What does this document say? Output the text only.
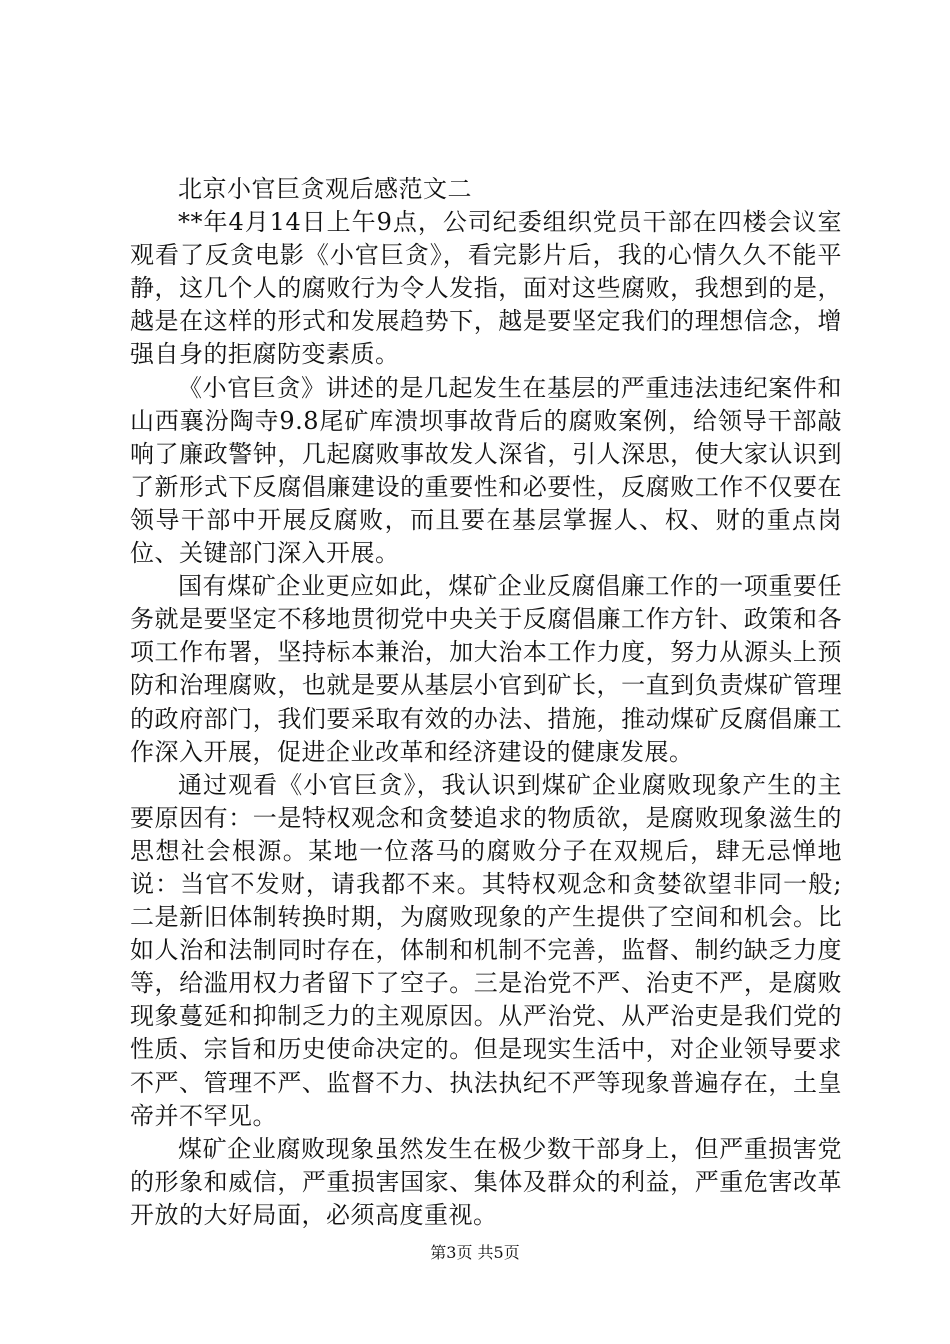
北京小官巨贪观后感范文二

**年4月14日上午9点，公司纪委组织党员干部在四楼会议室观看了反贪电影《小官巨贪》，看完影片后，我的心情久久不能平静，这几个人的腐败行为令人发指，面对这些腐败，我想到的是，越是在这样的形式和发展趋势下，越是要坚定我们的理想信念，增强自身的拒腐防变素质。

《小官巨贪》讲述的是几起发生在基层的严重违法违纪案件和山西襄汾陶寺9.8尾矿库溃坝事故背后的腐败案例，给领导干部敲响了廉政警钟，几起腐败事故发人深省，引人深思，使大家认识到了新形式下反腐倡廉建设的重要性和必要性，反腐败工作不仅要在领导干部中开展反腐败，而且要在基层掌握人、权、财的重点岗位、关键部门深入开展。

国有煤矿企业更应如此，煤矿企业反腐倡廉工作的一项重要任务就是要坚定不移地贯彻党中央关于反腐倡廉工作方针、政策和各项工作布署，坚持标本兼治，加大治本工作力度，努力从源头上预防和治理腐败，也就是要从基层小官到矿长，一直到负责煤矿管理的政府部门，我们要采取有效的办法、措施，推动煤矿反腐倡廉工作深入开展，促进企业改革和经济建设的健康发展。

通过观看《小官巨贪》，我认识到煤矿企业腐败现象产生的主要原因有：一是特权观念和贪婪追求的物质欲，是腐败现象滋生的思想社会根源。某地一位落马的腐败分子在双规后，肆无忌惮地说：当官不发财，请我都不来。其特权观念和贪婪欲望非同一般;二是新旧体制转换时期，为腐败现象的产生提供了空间和机会。比如人治和法制同时存在，体制和机制不完善，监督、制约缺乏力度等，给滥用权力者留下了空子。三是治党不严、治吏不严，是腐败现象蔓延和抑制乏力的主观原因。从严治党、从严治吏是我们党的性质、宗旨和历史使命决定的。但是现实生活中，对企业领导要求不严、管理不严、监督不力、执法执纪不严等现象普遍存在，土皇帝并不罕见。

煤矿企业腐败现象虽然发生在极少数干部身上，但严重损害党的形象和威信，严重损害国家、集体及群众的利益，严重危害改革开放的大好局面，必须高度重视。

第3页 共5页
